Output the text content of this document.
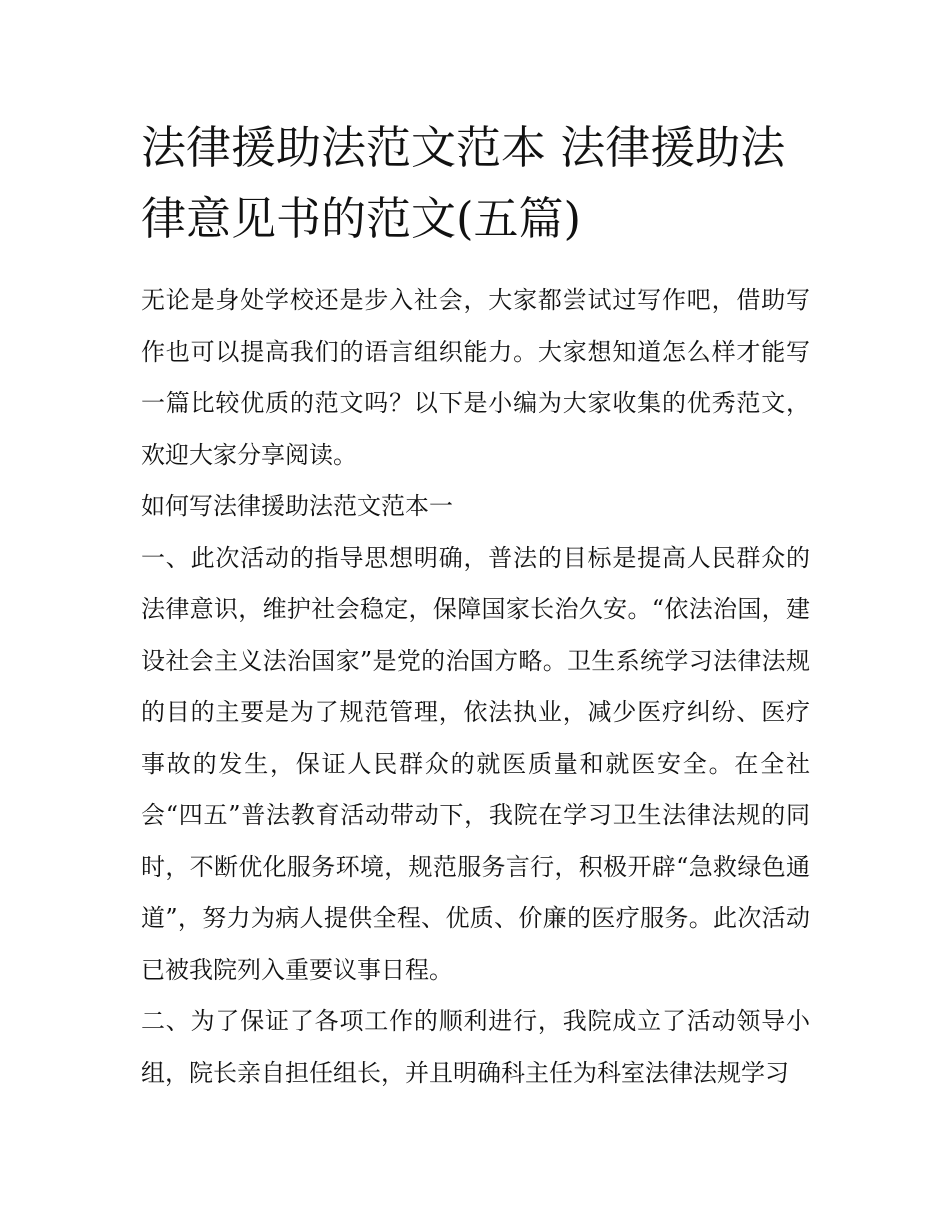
法律援助法范文范本 法律援助法律意见书的范文(五篇)

无论是身处学校还是步入社会，大家都尝试过写作吧，借助写作也可以提高我们的语言组织能力。大家想知道怎么样才能写一篇比较优质的范文吗？以下是小编为大家收集的优秀范文，欢迎大家分享阅读。

如何写法律援助法范文范本一

一、此次活动的指导思想明确，普法的目标是提高人民群众的法律意识，维护社会稳定，保障国家长治久安。“依法治国，建设社会主义法治国家”是党的治国方略。卫生系统学习法律法规的目的主要是为了规范管理，依法执业，减少医疗纠纷、医疗事故的发生，保证人民群众的就医质量和就医安全。在全社会“四五”普法教育活动带动下，我院在学习卫生法律法规的同时，不断优化服务环境，规范服务言行，积极开辟“急救绿色通道”，努力为病人提供全程、优质、价廉的医疗服务。此次活动已被我院列入重要议事日程。

二、为了保证了各项工作的顺利进行，我院成立了活动领导小组，院长亲自担任组长，并且明确科主任为科室法律法规学习
